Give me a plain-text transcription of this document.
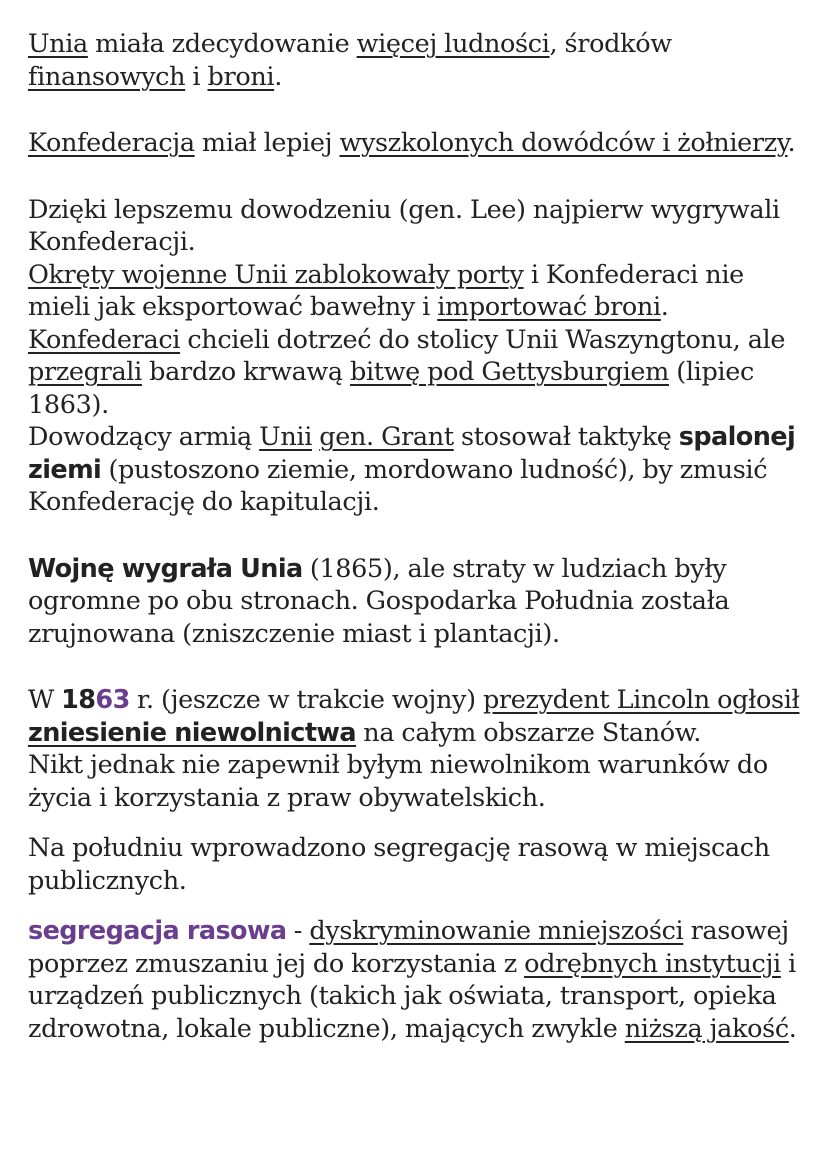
Unia miała zdecydowanie więcej ludności, środków finansowych i broni.

Konfederacja miał lepiej wyszkolonych dowódców i żołnierzy.

Dzięki lepszemu dowodzeniu (gen. Lee) najpierw wygrywali Konfederacji.
Okręty wojenne Unii zablokowały porty i Konfederaci nie mieli jak eksportować bawełny i importować broni.
Konfederaci chcieli dotrzeć do stolicy Unii Waszyngtonu, ale przegrali bardzo krwawą bitwę pod Gettysburgiem (lipiec 1863).
Dowodzący armią Unii gen. Grant stosował taktykę spalonej ziemi (pustoszono ziemie, mordowano ludność), by zmusić Konfederację do kapitulacji.

Wojnę wygrała Unia (1865), ale straty w ludziach były ogromne po obu stronach. Gospodarka Południa została zrujnowana (zniszczenie miast i plantacji).

W 1863 r. (jeszcze w trakcie wojny) prezydent Lincoln ogłosił zniesienie niewolnictwa na całym obszarze Stanów.
Nikt jednak nie zapewnił byłym niewolnikom warunków do życia i korzystania z praw obywatelskich.

Na południu wprowadzono segregację rasową w miejscach publicznych.

segregacja rasowa - dyskryminowanie mniejszości rasowej poprzez zmuszaniu jej do korzystania z odrębnych instytucji i urządzeń publicznych (takich jak oświata, transport, opieka zdrowotna, lokale publiczne), mających zwykle niższą jakość.
